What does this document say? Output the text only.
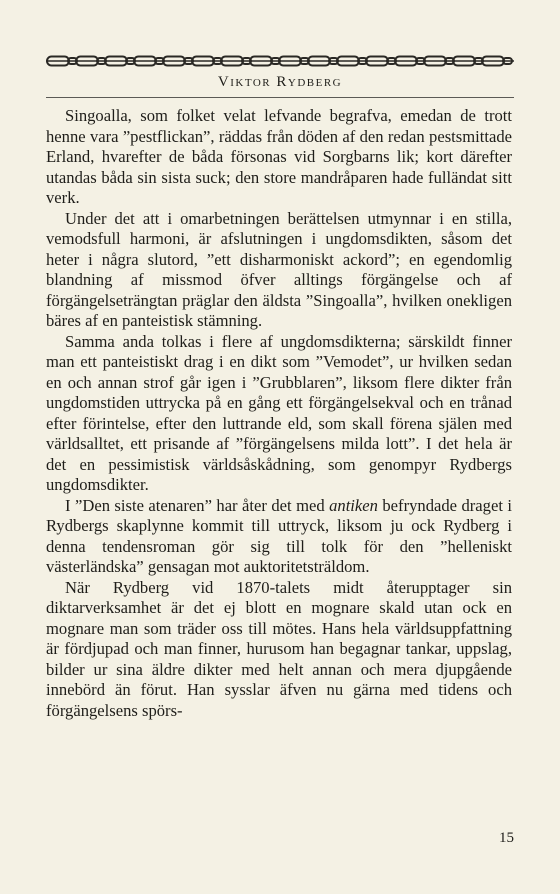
Viktor Rydberg

Singoalla, som folket velat lefvande begrafva, emedan de trott henne vara ”pestflickan”, räddas från döden af den redan pestsmittade Erland, hvarefter de båda försonas vid Sorgbarns lik; kort därefter utandas båda sin sista suck; den store mandråparen hade fulländat sitt verk.

Under det att i omarbetningen berättelsen utmynnar i en stilla, vemodsfull harmoni, är afslutningen i ungdomsdikten, såsom det heter i några slutord, ”ett disharmoniskt ackord”; en egendomlig blandning af missmod öfver alltings förgängelse och af förgängelseträngtan präglar den äldsta ”Singoalla”, hvilken onekligen bäres af en panteistisk stämning.

Samma anda tolkas i flere af ungdomsdikterna; särskildt finner man ett panteistiskt drag i en dikt som ”Vemodet”, ur hvilken sedan en och annan strof går igen i ”Grubblaren”, liksom flere dikter från ungdomstiden uttrycka på en gång ett förgängelsekval och en trånad efter förintelse, efter den luttrande eld, som skall förena själen med världsalltet, ett prisande af ”förgängelsens milda lott”. I det hela är det en pessimistisk världsåskådning, som genompyr Rydbergs ungdomsdikter.

I ”Den siste atenaren” har åter det med antiken befryndade draget i Rydbergs skaplynne kommit till uttryck, liksom ju ock Rydberg i denna tendensroman gör sig till tolk för den ”helleniskt västerländska” gensagan mot auktoritetsträldom.

När Rydberg vid 1870-talets midt återupptager sin diktarverksamhet är det ej blott en mognare skald utan ock en mognare man som träder oss till mötes. Hans hela världsuppfattning är fördjupad och man finner, hurusom han begagnar tankar, uppslag, bilder ur sina äldre dikter med helt annan och mera djupgående innebörd än förut. Han sysslar äfven nu gärna med tidens och förgängelsens spörs-

15
